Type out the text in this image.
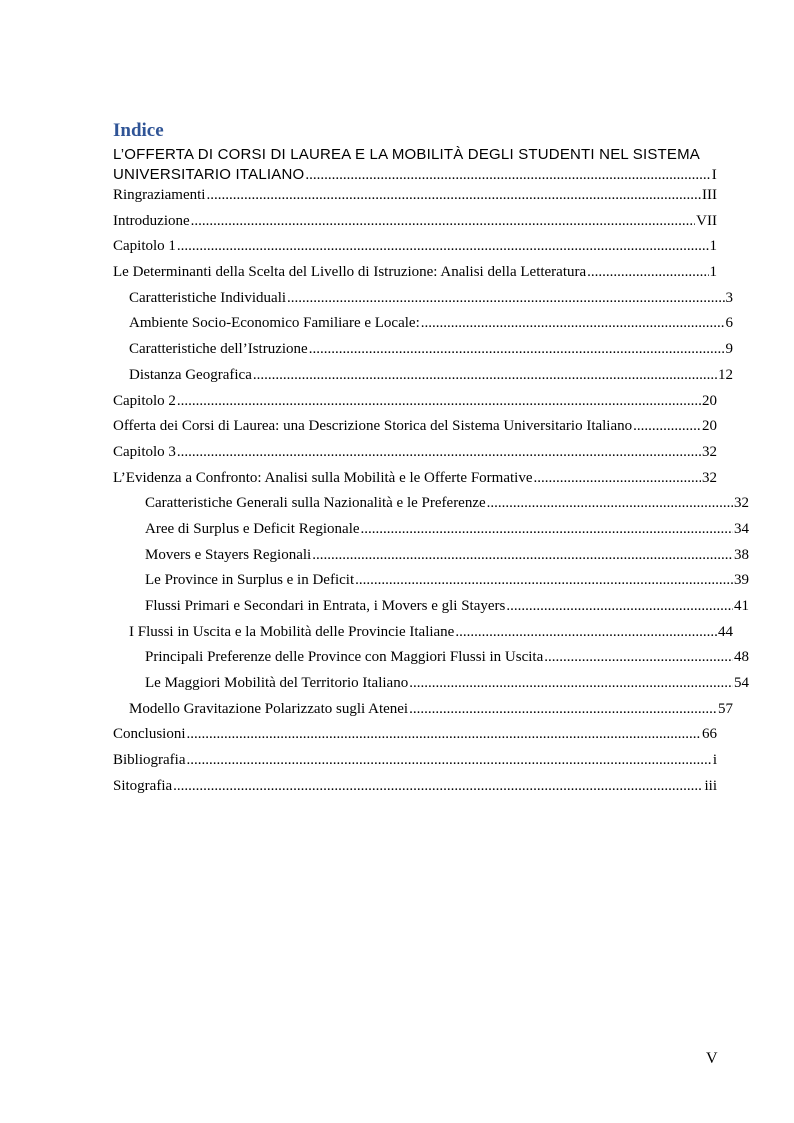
Indice
L’OFFERTA DI CORSI DI LAUREA E LA MOBILITÀ DEGLI STUDENTI NEL SISTEMA
UNIVERSITARIO ITALIANO .....	I
Ringraziamenti .....	III
Introduzione .....	VII
Capitolo 1 .....	1
Le Determinanti della Scelta del Livello di Istruzione: Analisi della Letteratura .....	1
Caratteristiche Individuali .....	3
Ambiente Socio-Economico Familiare e Locale: .....	6
Caratteristiche dell’Istruzione .....	9
Distanza Geografica .....	12
Capitolo 2 .....	20
Offerta dei Corsi di Laurea: una Descrizione Storica del Sistema Universitario Italiano .....	20
Capitolo 3 .....	32
L’Evidenza a Confronto: Analisi sulla Mobilità e le Offerte Formative .....	32
Caratteristiche Generali sulla Nazionalità e le Preferenze .....	32
Aree di Surplus e Deficit Regionale .....	34
Movers e Stayers Regionali .....	38
Le Province in Surplus e in Deficit .....	39
Flussi Primari e Secondari in Entrata, i Movers e gli Stayers .....	41
I Flussi in Uscita e la Mobilità delle Provincie Italiane .....	44
Principali Preferenze delle Province con Maggiori Flussi in Uscita .....	48
Le Maggiori Mobilità del Territorio Italiano .....	54
Modello Gravitazione Polarizzato sugli Atenei .....	57
Conclusioni .....	66
Bibliografia .....	i
Sitografia .....	iii
V
